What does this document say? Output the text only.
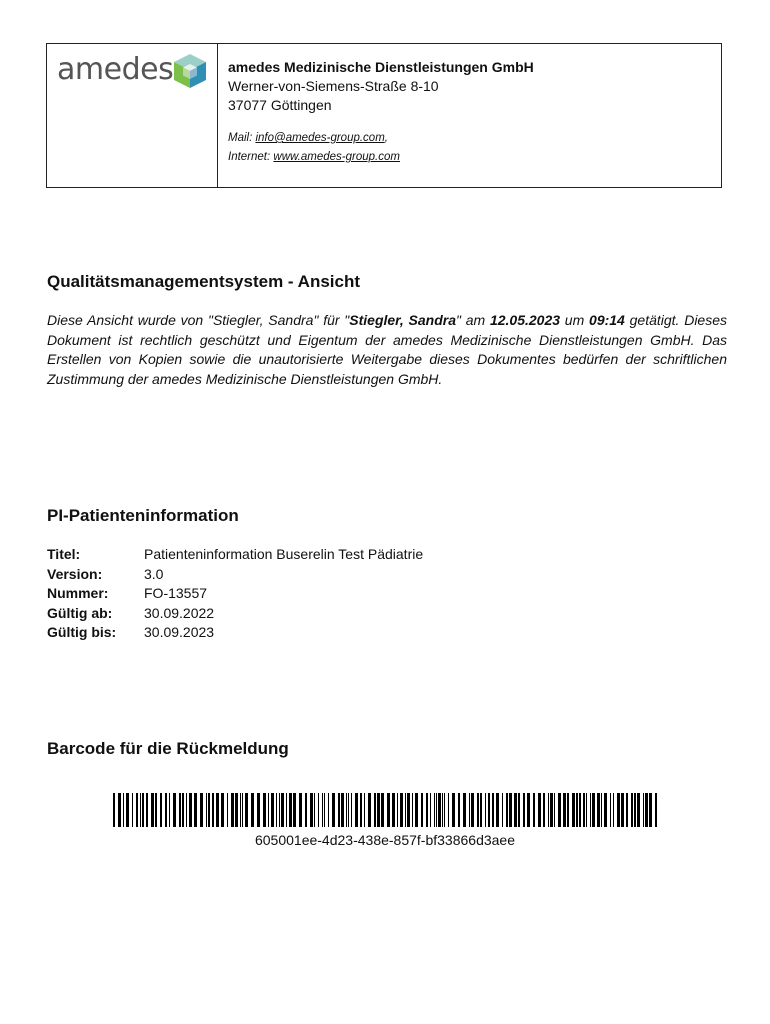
amedes	amedes Medizinische Dienstleistungen GmbH
Werner-von-Siemens-Straße 8-10
37077 Göttingen
Mail: info@amedes-group.com,
Internet: www.amedes-group.com
Qualitätsmanagementsystem - Ansicht

Diese Ansicht wurde von "Stiegler, Sandra" für "Stiegler, Sandra" am 12.05.2023 um 09:14 getätigt. Dieses Dokument ist rechtlich geschützt und Eigentum der amedes Medizinische Dienstleistungen GmbH. Das Erstellen von Kopien sowie die unautorisierte Weitergabe dieses Dokumentes bedürfen der schriftlichen Zustimmung der amedes Medizinische Dienstleistungen GmbH.

PI-Patienteninformation
Titel:	Patienteninformation Buserelin Test Pädiatrie
Version:	3.0
Nummer:	FO-13557
Gültig ab:	30.09.2022
Gültig bis:	30.09.2023
Barcode für die Rückmeldung
605001ee-4d23-438e-857f-bf33866d3aee
